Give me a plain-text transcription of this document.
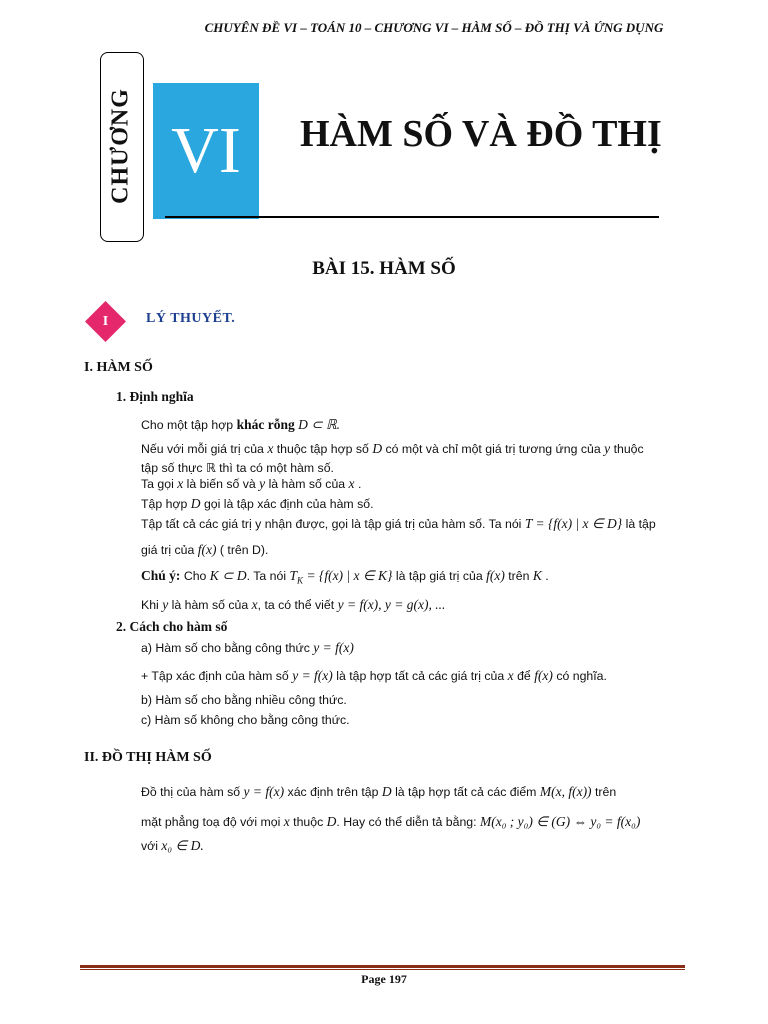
CHUYÊN ĐỀ VI – TOÁN 10 – CHƯƠNG VI – HÀM SỐ – ĐỒ THỊ VÀ ỨNG DỤNG
CHƯƠNG VI	HÀM SỐ VÀ ĐỒ THỊ
BÀI 15. HÀM SỐ
I	LÝ THUYẾT.
I. HÀM SỐ
1. Định nghĩa
Cho một tập hợp khác rỗng D ⊂ ℝ.
Nếu với mỗi giá trị của x thuộc tập hợp số D có một và chỉ một giá trị tương ứng của y thuộc
tập số thực ℝ thì ta có một hàm số.
Ta gọi x là biến số và y là hàm số của x .
Tập hợp D gọi là tập xác định của hàm số.
Tập tất cả các giá trị y nhận được, gọi là tập giá trị của hàm số. Ta nói T = {f(x) | x ∈ D} là tập
giá trị của f(x) ( trên D).
Chú ý: Cho K ⊂ D. Ta nói $T_K = \{f(x)$ | x ∈ K} là tập giá trị của f(x) trên K .
Khi y là hàm số của x, ta có thể viết y = f(x), y = g(x), ...
2. Cách cho hàm số
a) Hàm số cho bằng công thức y = f(x)
+ Tập xác định của hàm số y = f(x) là tập hợp tất cả các giá trị của x để f(x) có nghĩa.
b) Hàm số cho bằng nhiều công thức.
c) Hàm số không cho bằng công thức.
II. ĐỒ THỊ HÀM SỐ
Đồ thị của hàm số y = f(x) xác định trên tập D là tập hợp tất cả các điểm M(x, f(x)) trên
mặt phẳng toạ độ với mọi x thuộc D. Hay có thể diễn tả bằng: M(x₀ ; y₀) ∈ (G) ⇔ y₀ = f(x₀)
với x₀ ∈ D.
Page 197
